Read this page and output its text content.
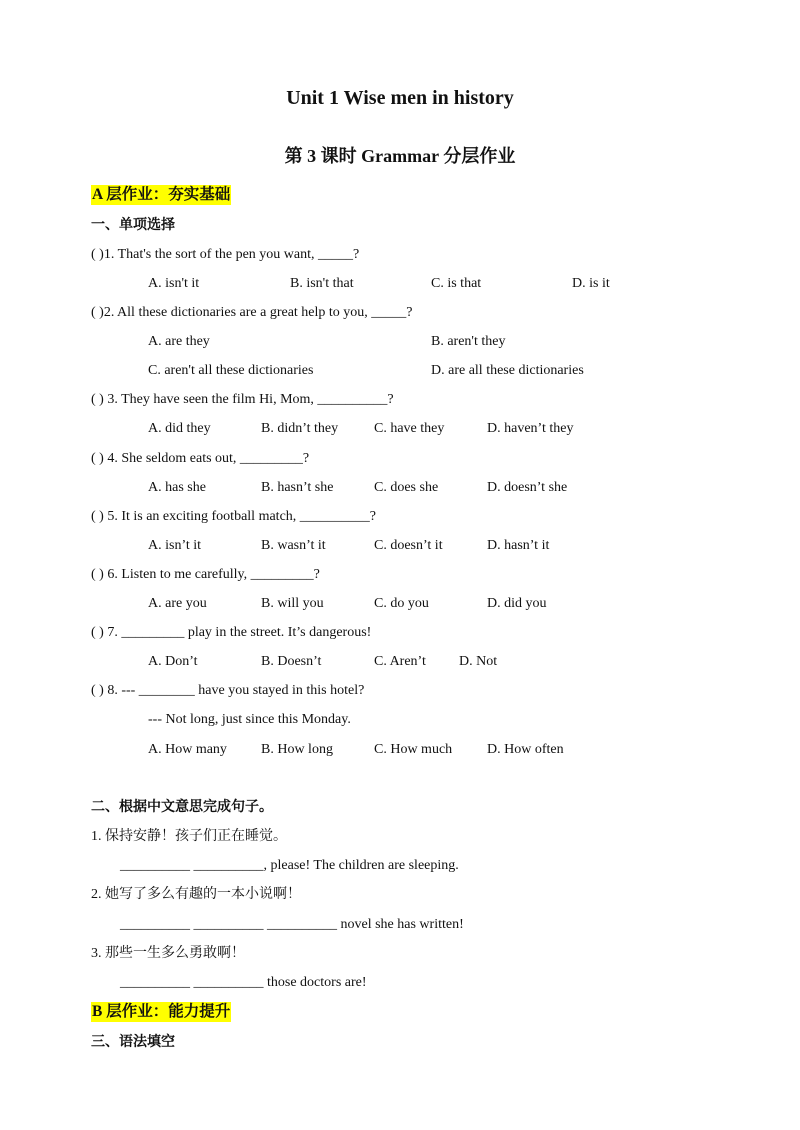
Unit 1 Wise men in history
第 3 课时 Grammar 分层作业
A 层作业：夯实基础
一、单项选择
( )1. That's the sort of the pen you want, _____?
A. isn't it	B. isn't that	C. is that	D. is it
( )2. All these dictionaries are a great help to you, _____?
A. are they	B. aren't they
C. aren't all these dictionaries	D. are all these dictionaries
( ) 3. They have seen the film Hi, Mom, __________?
A. did they	B. didn’t they	C. have they	D. haven’t they
( ) 4. She seldom eats out, _________?
A. has she	B. hasn’t she	C. does she	D. doesn’t she
( ) 5. It is an exciting football match, __________?
A. isn’t it	B. wasn’t it	C. doesn’t it	D. hasn’t it
( ) 6. Listen to me carefully, _________?
A. are you	B. will you	C. do you	D. did you
( ) 7. _________ play in the street. It’s dangerous!
A. Don’t	B. Doesn’t	C. Aren’t D. Not
( ) 8. --- ________ have you stayed in this hotel?
--- Not long, just since this Monday.
A. How many B. How long	C. How much D. How often
二、根据中文意思完成句子。
1. 保持安静！孩子们正在睡觉。
__________ __________, please! The children are sleeping.
2. 她写了多么有趣的一本小说啊！
__________ __________ __________ novel she has written!
3. 那些一生多么勇敢啊！
__________ __________ those doctors are!
B 层作业：能力提升
三、语法填空
